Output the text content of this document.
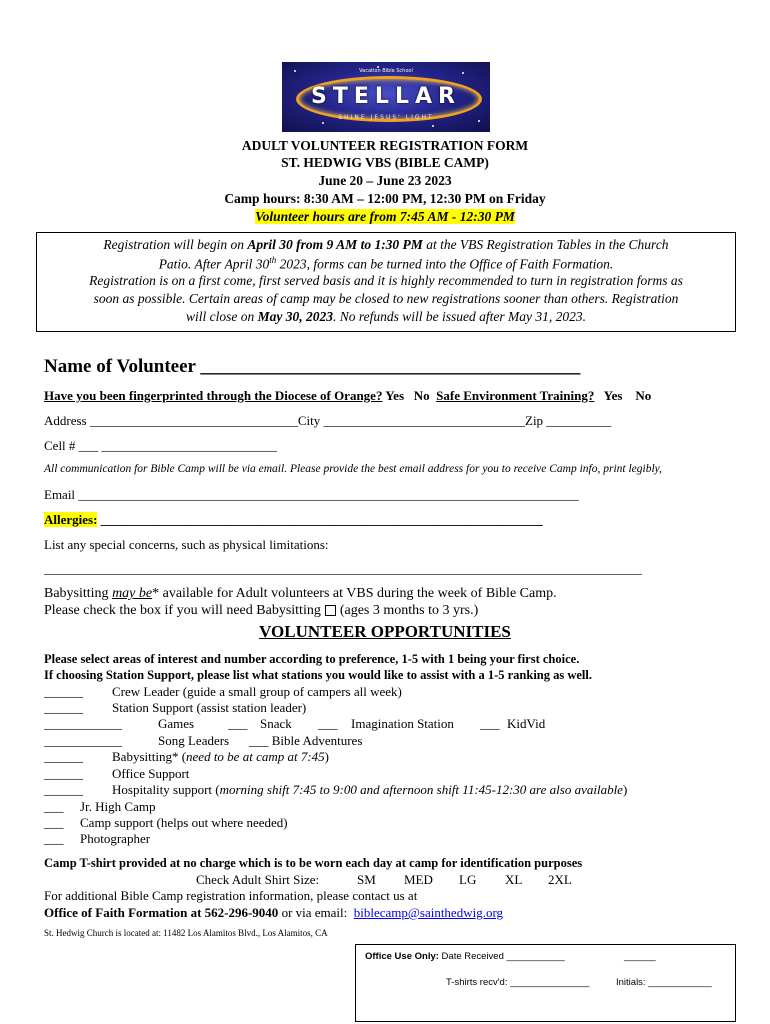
Vacation Bible School
STELLAR
SHINE JESUS' LIGHT
ADULT VOLUNTEER REGISTRATION FORM
ST. HEDWIG VBS (BIBLE CAMP)
June 20 – June 23 2023
Camp hours: 8:30 AM – 12:00 PM, 12:30 PM on Friday
Volunteer hours are from 7:45 AM - 12:30 PM
Registration will begin on April 30 from 9 AM to 1:30 PM at the VBS Registration Tables in the Church
Patio. After April 30th 2023, forms can be turned into the Office of Faith Formation.
Registration is on a first come, first served basis and it is highly recommended to turn in registration forms as
soon as possible. Certain areas of camp may be closed to new registrations sooner than others. Registration
will close on May 30, 2023. No refunds will be issued after May 31, 2023.
Name of Volunteer ________________________________________
Have you been fingerprinted through the Diocese of Orange? Yes   No  Safe Environment Training?   Yes    No
Address ________________________________City _______________________________Zip __________
Cell # ___ ___________________________
All communication for Bible Camp will be via email. Please provide the best email address for you to receive Camp info, print legibly,
Email _____________________________________________________________________________
Allergies: ____________________________________________________________________
List any special concerns, such as physical limitations:
____________________________________________________________________________________________
Babysitting may be* available for Adult volunteers at VBS during the week of Bible Camp.
Please check the box if you will need Babysitting (ages 3 months to 3 yrs.)
VOLUNTEER OPPORTUNITIES
Please select areas of interest and number according to preference, 1-5 with 1 being your first choice.
If choosing Station Support, please list what stations you would like to assist with a 1-5 ranking as well.
______ Crew Leader (guide a small group of campers all week)
______ Station Support (assist station leader)
____________	Games	___ Snack ___ Imagination Station ___ KidVid
____________	Song Leaders ___ Bible Adventures
______ Babysitting* (need to be at camp at 7:45)
______ Office Support
______ Hospitality support (morning shift 7:45 to 9:00 and afternoon shift 11:45-12:30 are also available)
___ Jr. High Camp
___ Camp support (helps out where needed)
___ Photographer
Camp T-shirt provided at no charge which is to be worn each day at camp for identification purposes
Check Adult Shirt Size:	SM MED LG XL 2XL
For additional Bible Camp registration information, please contact us at
Office of Faith Formation at 562-296-9040 or via email:  biblecamp@sainthedwig.org
St. Hedwig Church is located at: 11482 Los Alamitos Blvd., Los Alamitos, CA
Office Use Only: Date Received ___________	______
T-shirts recv'd: _______________	Initials: ____________
